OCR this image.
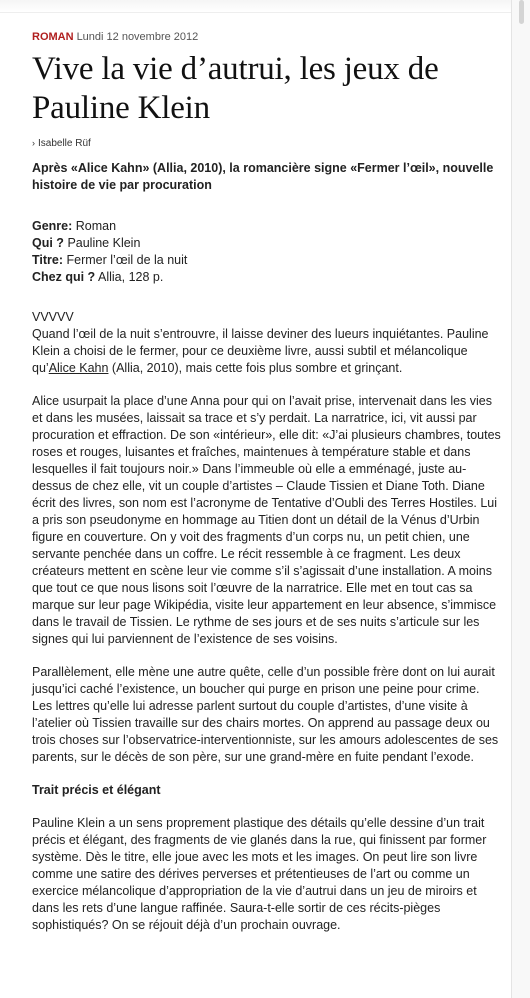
ROMAN Lundi 12 novembre 2012
Vive la vie d’autrui, les jeux de Pauline Klein
› Isabelle Rüf
Après «Alice Kahn» (Allia, 2010), la romancière signe «Fermer l’œil», nouvelle histoire de vie par procuration
Genre: Roman
Qui ? Pauline Klein
Titre: Fermer l’œil de la nuit
Chez qui ? Allia, 128 p.
VVVVV

Quand l’œil de la nuit s’entrouvre, il laisse deviner des lueurs inquiétantes. Pauline Klein a choisi de le fermer, pour ce deuxième livre, aussi subtil et mélancolique qu’Alice Kahn (Allia, 2010), mais cette fois plus sombre et grinçant.

Alice usurpait la place d’une Anna pour qui on l’avait prise, intervenait dans les vies et dans les musées, laissait sa trace et s’y perdait. La narratrice, ici, vit aussi par procuration et effraction. De son «intérieur», elle dit: «J’ai plusieurs chambres, toutes roses et rouges, luisantes et fraîches, maintenues à température stable et dans lesquelles il fait toujours noir.» Dans l’immeuble où elle a emménagé, juste au-dessus de chez elle, vit un couple d’artistes – Claude Tissien et Diane Toth. Diane écrit des livres, son nom est l’acronyme de Tentative d’Oubli des Terres Hostiles. Lui a pris son pseudonyme en hommage au Titien dont un détail de la Vénus d’Urbin figure en couverture. On y voit des fragments d’un corps nu, un petit chien, une servante penchée dans un coffre. Le récit ressemble à ce fragment. Les deux créateurs mettent en scène leur vie comme s’il s’agissait d’une installation. A moins que tout ce que nous lisons soit l’œuvre de la narratrice. Elle met en tout cas sa marque sur leur page Wikipédia, visite leur appartement en leur absence, s’immisce dans le travail de Tissien. Le rythme de ses jours et de ses nuits s’articule sur les signes qui lui parviennent de l’existence de ses voisins.

Parallèlement, elle mène une autre quête, celle d’un possible frère dont on lui aurait jusqu’ici caché l’existence, un boucher qui purge en prison une peine pour crime. Les lettres qu’elle lui adresse parlent surtout du couple d’artistes, d’une visite à l’atelier où Tissien travaille sur des chairs mortes. On apprend au passage deux ou trois choses sur l’observatrice-interventionniste, sur les amours adolescentes de ses parents, sur le décès de son père, sur une grand-mère en fuite pendant l’exode.

Trait précis et élégant

Pauline Klein a un sens proprement plastique des détails qu’elle dessine d’un trait précis et élégant, des fragments de vie glanés dans la rue, qui finissent par former système. Dès le titre, elle joue avec les mots et les images. On peut lire son livre comme une satire des dérives perverses et prétentieuses de l’art ou comme un exercice mélancolique d’appropriation de la vie d’autrui dans un jeu de miroirs et dans les rets d’une langue raffinée. Saura-t-elle sortir de ces récits-pièges sophistiqués? On se réjouit déjà d’un prochain ouvrage.
